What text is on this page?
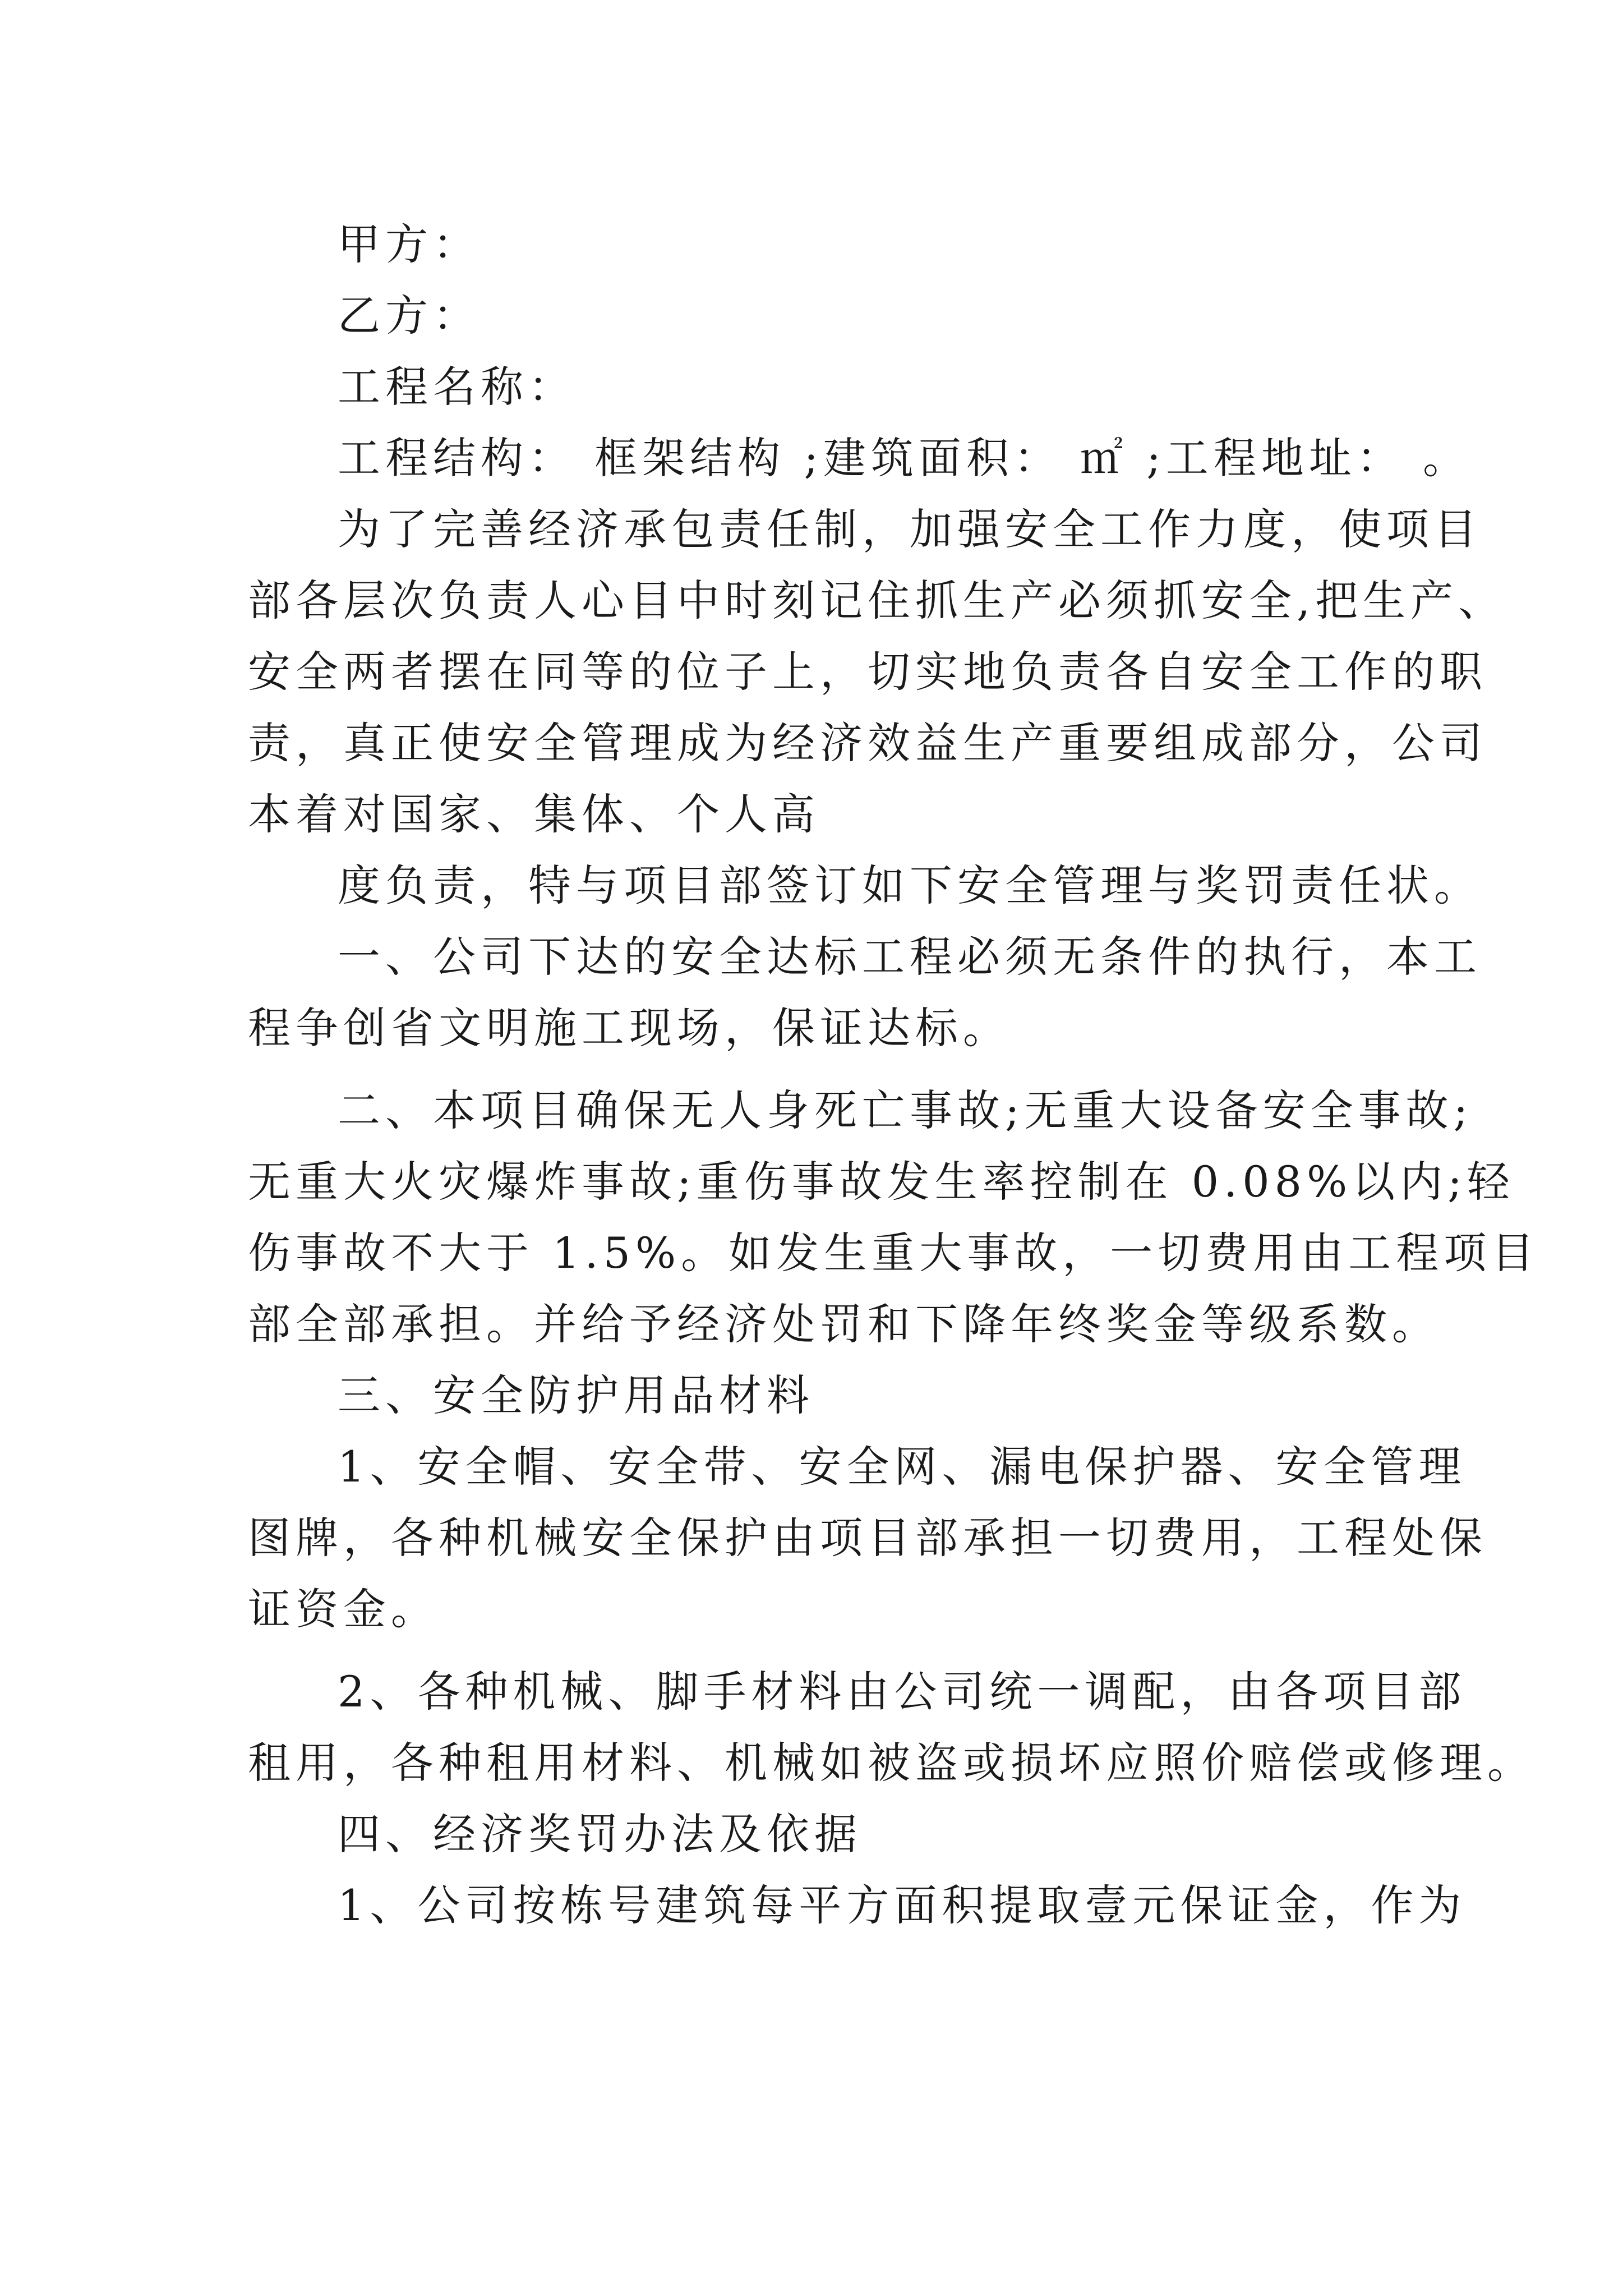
甲方：
乙方：
工程名称：
工程结构： 框架结构 ;建筑面积： ㎡ ;工程地址： 。
为了完善经济承包责任制，加强安全工作力度，使项目
部各层次负责人心目中时刻记住抓生产必须抓安全,把生产、
安全两者摆在同等的位子上，切实地负责各自安全工作的职
责，真正使安全管理成为经济效益生产重要组成部分，公司
本着对国家、集体、个人高
度负责，特与项目部签订如下安全管理与奖罚责任状。
一、公司下达的安全达标工程必须无条件的执行，本工
程争创省文明施工现场，保证达标。
二、本项目确保无人身死亡事故;无重大设备安全事故;
无重大火灾爆炸事故;重伤事故发生率控制在 0.08%以内;轻
伤事故不大于 1.5%。如发生重大事故，一切费用由工程项目
部全部承担。并给予经济处罚和下降年终奖金等级系数。
三、安全防护用品材料
1、安全帽、安全带、安全网、漏电保护器、安全管理
图牌，各种机械安全保护由项目部承担一切费用，工程处保
证资金。
2、各种机械、脚手材料由公司统一调配，由各项目部
租用，各种租用材料、机械如被盗或损坏应照价赔偿或修理。
四、经济奖罚办法及依据
1、公司按栋号建筑每平方面积提取壹元保证金，作为
